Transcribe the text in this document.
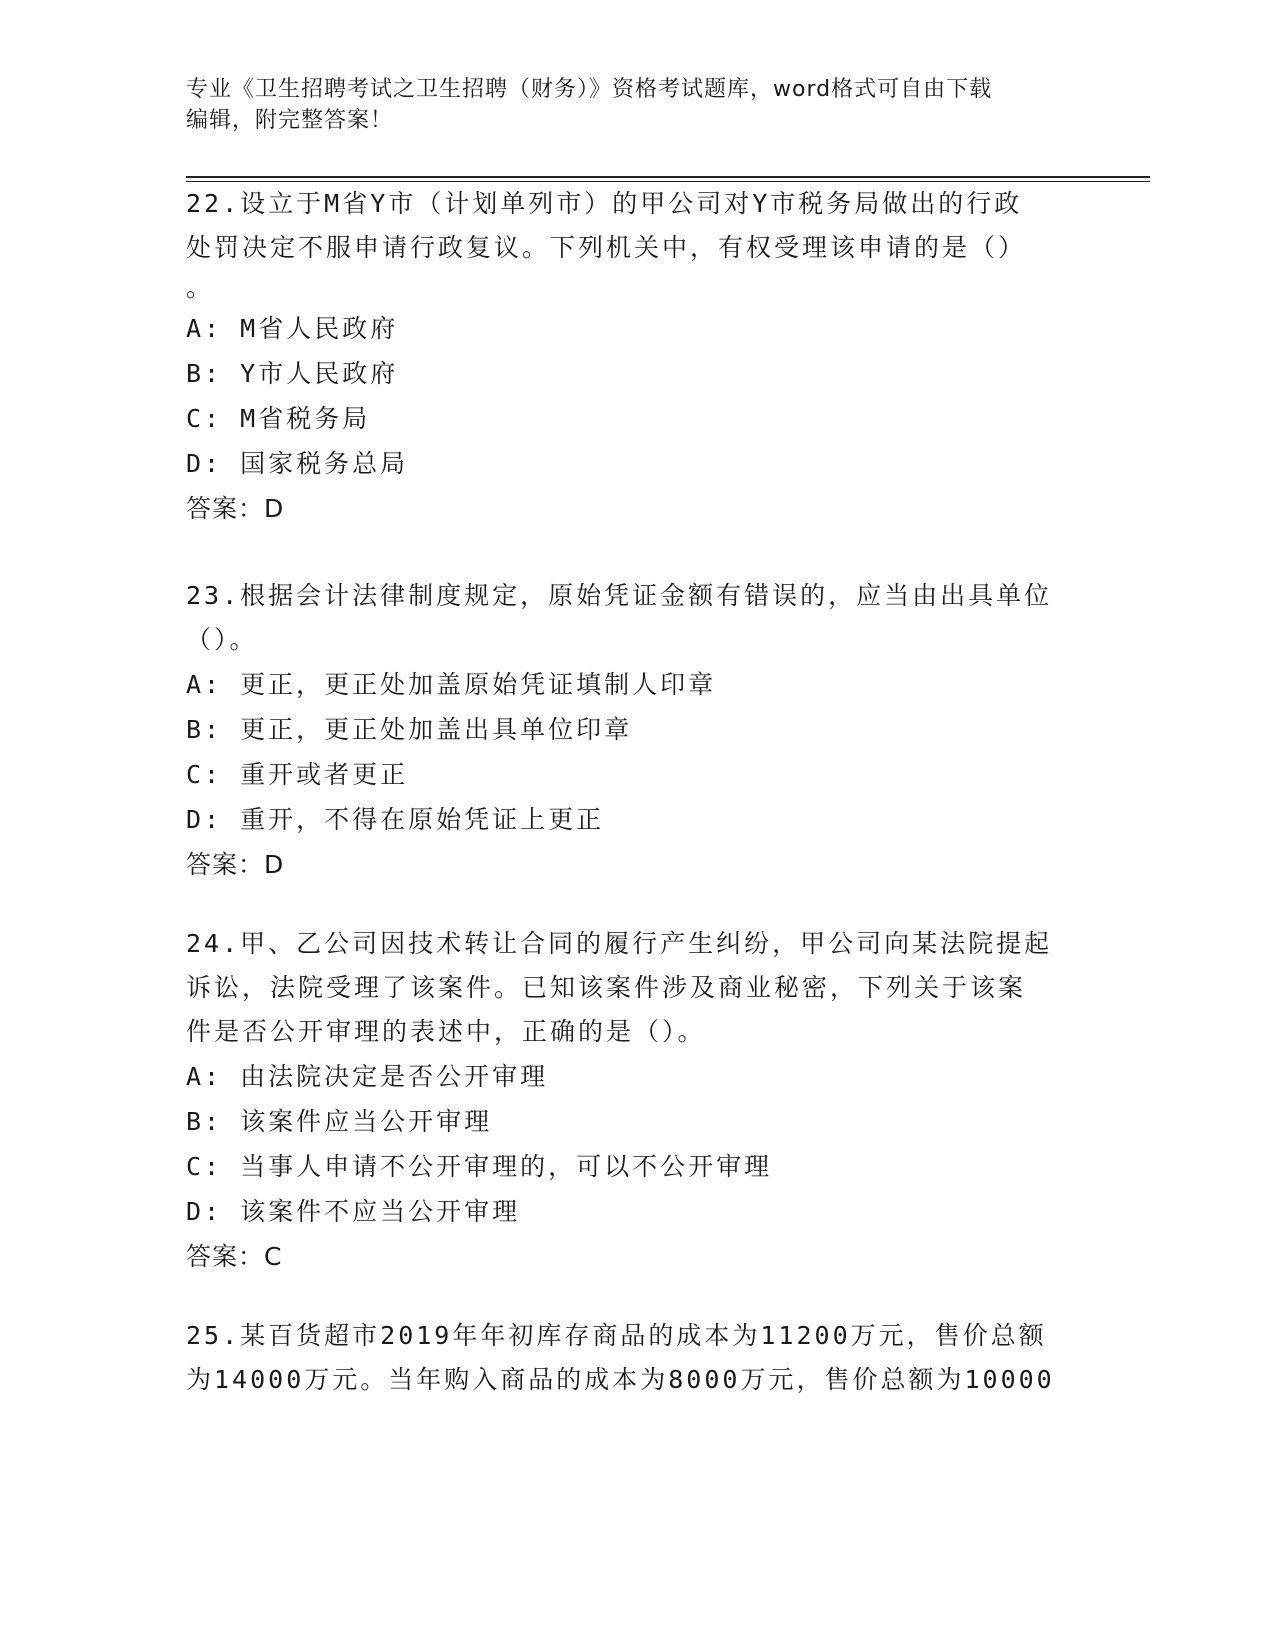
专业《卫生招聘考试之卫生招聘（财务）》资格考试题库，word格式可自由下载
编辑，附完整答案！

22.设立于M省Y市（计划单列市）的甲公司对Y市税务局做出的行政

处罚决定不服申请行政复议。下列机关中，有权受理该申请的是（）

。

A: M省人民政府

B: Y市人民政府

C: M省税务局

D: 国家税务总局

答案：D

23.根据会计法律制度规定，原始凭证金额有错误的，应当由出具单位

（）。

A: 更正，更正处加盖原始凭证填制人印章

B: 更正，更正处加盖出具单位印章

C: 重开或者更正

D: 重开，不得在原始凭证上更正

答案：D

24.甲、乙公司因技术转让合同的履行产生纠纷，甲公司向某法院提起

诉讼，法院受理了该案件。已知该案件涉及商业秘密，下列关于该案

件是否公开审理的表述中，正确的是（）。

A: 由法院决定是否公开审理

B: 该案件应当公开审理

C: 当事人申请不公开审理的，可以不公开审理

D: 该案件不应当公开审理

答案：C

25.某百货超市2019年年初库存商品的成本为11200万元，售价总额

为14000万元。当年购入商品的成本为8000万元，售价总额为10000
